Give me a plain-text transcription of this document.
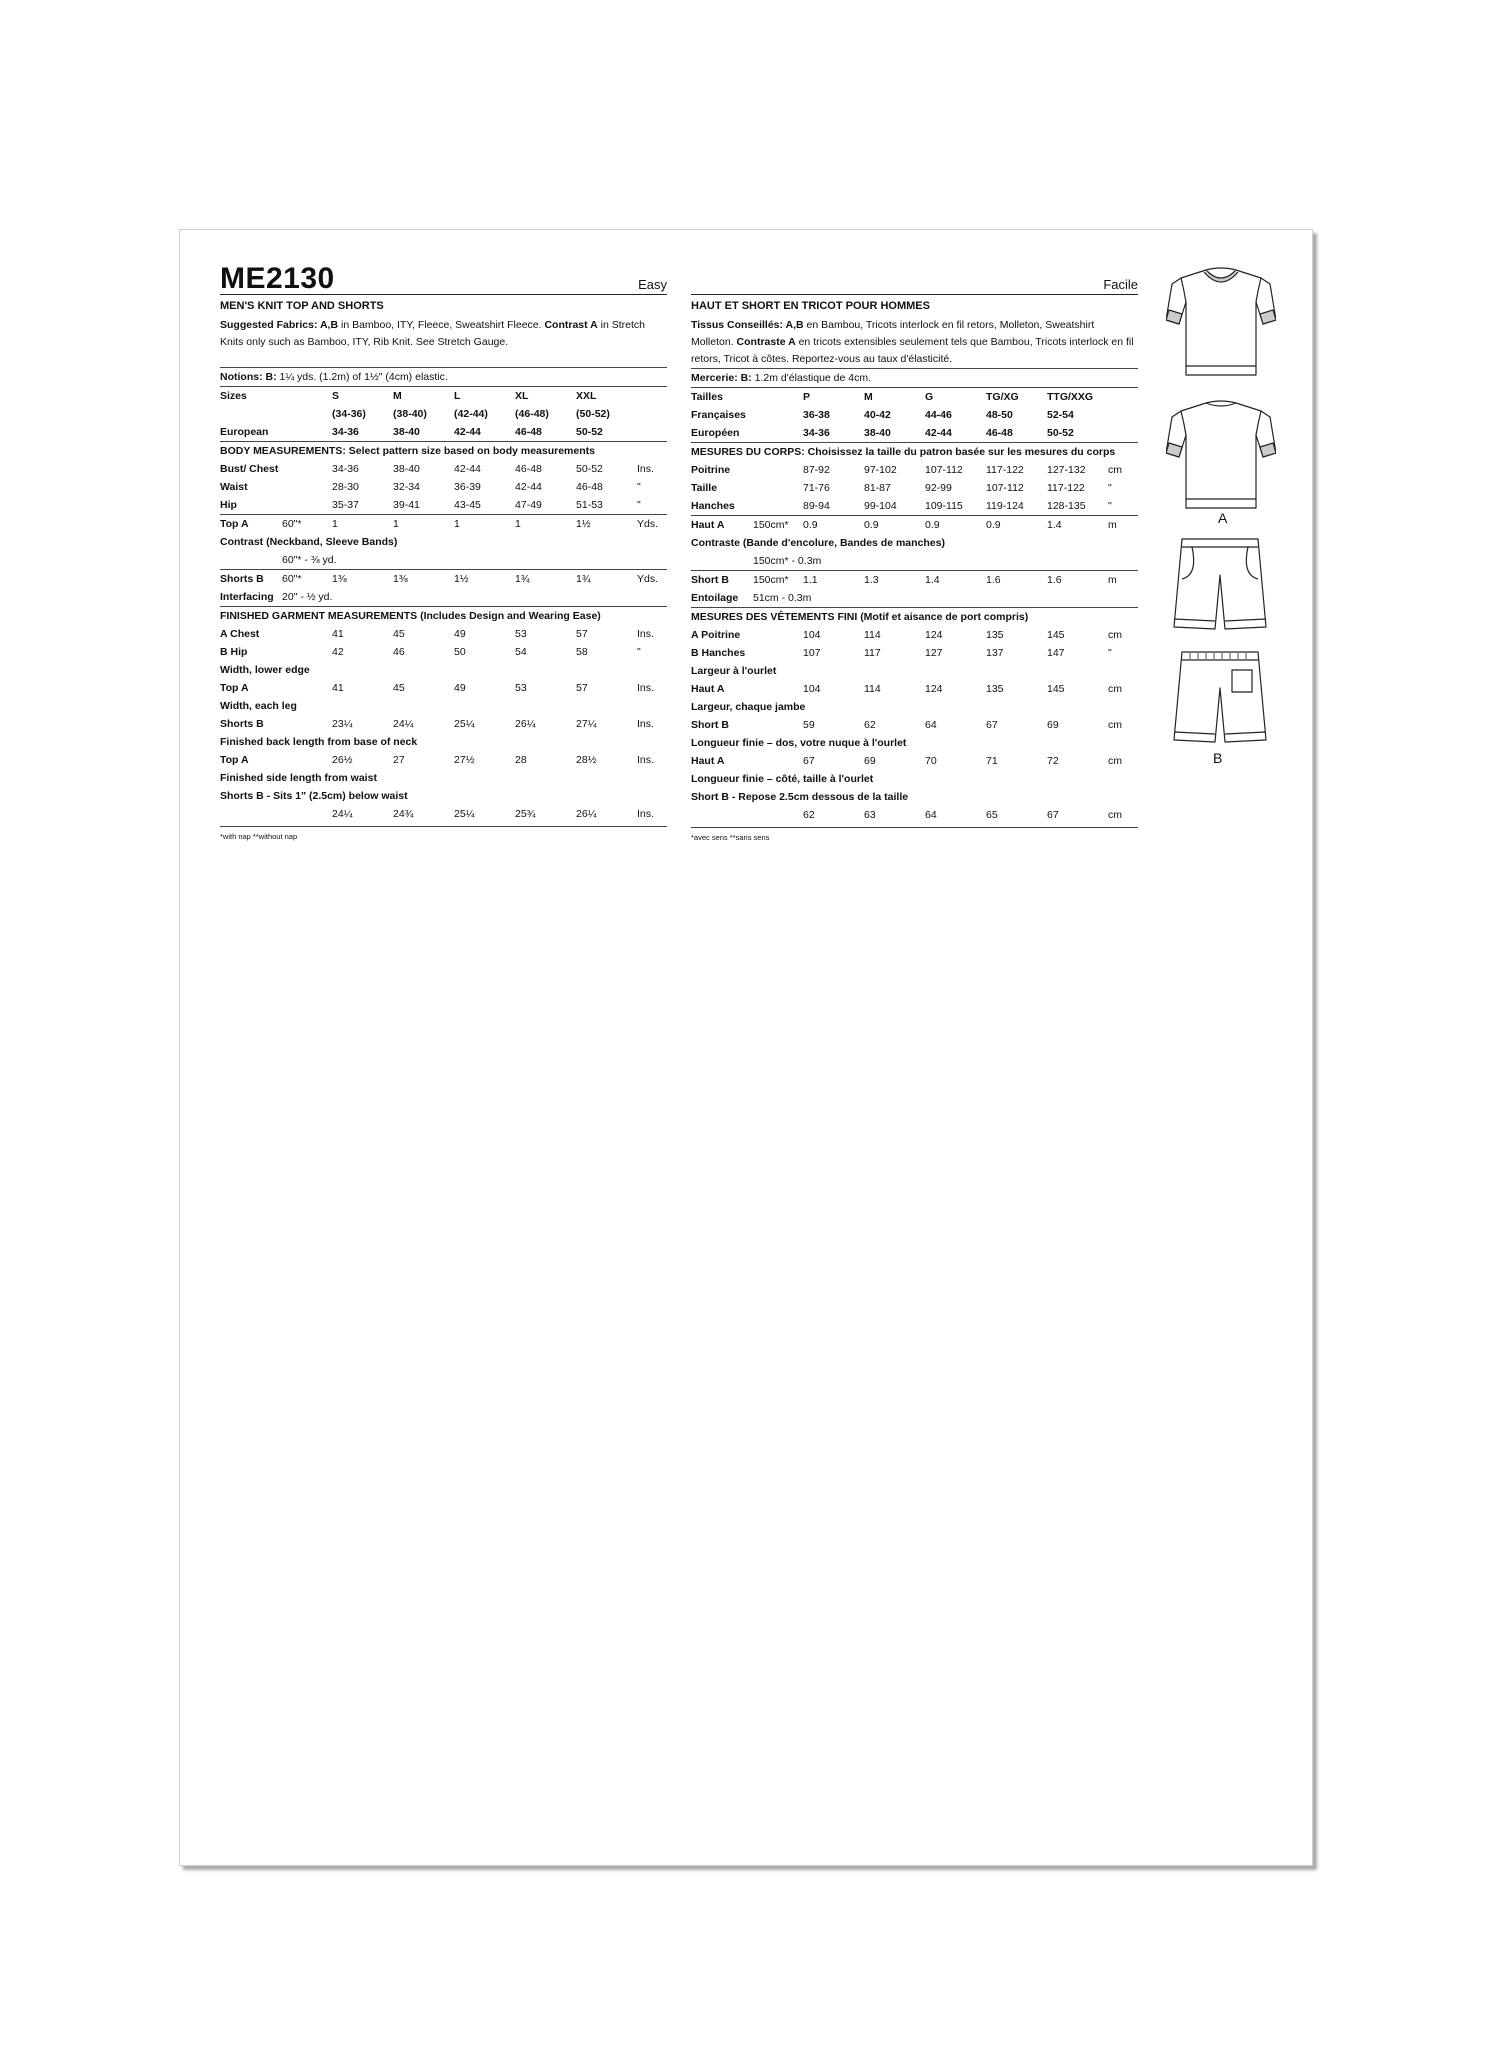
ME2130	Easy
MEN'S KNIT TOP AND SHORTS
Suggested Fabrics: A,B in Bamboo, ITY, Fleece, Sweatshirt Fleece. Contrast A in Stretch Knits only such as Bamboo, ITY, Rib Knit. See Stretch Gauge.
Notions: B: 1¼ yds. (1.2m) of 1½" (4cm) elastic.
Sizes		S	M	L	XL	XXL	
		(34-36)	(38-40)	(42-44)	(46-48)	(50-52)	
European		34-36	38-40	42-44	46-48	50-52	
BODY MEASUREMENTS: Select pattern size based on body measurements							
Bust/ Chest		34-36	38-40	42-44	46-48	50-52	Ins.
Waist		28-30	32-34	36-39	42-44	46-48	"
Hip		35-37	39-41	43-45	47-49	51-53	"
Top A	60"*	1	1	1	1	1½	Yds.
Contrast (Neckband, Sleeve Bands)							
	60"* - ⅜ yd.						
Shorts B	60"*	1⅜	1⅜	1½	1¾	1¾	Yds.
Interfacing	20" - ½ yd.						
FINISHED GARMENT MEASUREMENTS (Includes Design and Wearing Ease)							
A Chest		41	45	49	53	57	Ins.
B Hip		42	46	50	54	58	"
Width, lower edge							
Top A		41	45	49	53	57	Ins.
Width, each leg							
Shorts B		23¼	24¼	25¼	26¼	27¼	Ins.
Finished back length from base of neck							
Top A		26½	27	27½	28	28½	Ins.
Finished side length from waist							
Shorts B - Sits 1" (2.5cm) below waist							
		24¼	24¾	25¼	25¾	26¼	Ins.
*with nap **without nap
Facile
HAUT ET SHORT EN TRICOT POUR HOMMES
Tissus Conseillés: A,B en Bambou, Tricots interlock en fil retors, Molleton, Sweatshirt Molleton. Contraste A en tricots extensibles seulement tels que Bambou, Tricots interlock en fil retors, Tricot à côtes. Reportez-vous au taux d'élasticité.
Mercerie: B: 1.2m d'élastique de 4cm.
Tailles		P	M	G	TG/XG	TTG/XXG	
Françaises		36-38	40-42	44-46	48-50	52-54	
Européen		34-36	38-40	42-44	46-48	50-52	
MESURES DU CORPS: Choisissez la taille du patron basée sur les mesures du corps							
Poitrine		87-92	97-102	107-112	117-122	127-132	cm
Taille		71-76	81-87	92-99	107-112	117-122	"
Hanches		89-94	99-104	109-115	119-124	128-135	"
Haut A	150cm*	0.9	0.9	0.9	0.9	1.4	m
Contraste (Bande d'encolure, Bandes de manches)							
	150cm* - 0.3m						
Short B	150cm*	1.1	1.3	1.4	1.6	1.6	m
Entoilage	51cm - 0.3m						
MESURES DES VÊTEMENTS FINI (Motif et aisance de port compris)							
A Poitrine		104	114	124	135	145	cm
B Hanches		107	117	127	137	147	"
Largeur à l'ourlet							
Haut A		104	114	124	135	145	cm
Largeur, chaque jambe							
Short B		59	62	64	67	69	cm
Longueur finie – dos, votre nuque à l'ourlet							
Haut A		67	69	70	71	72	cm
Longueur finie – côté, taille à l'ourlet							
Short B - Repose 2.5cm dessous de la taille							
		62	63	64	65	67	cm
*avec sens **sans sens
A
B
